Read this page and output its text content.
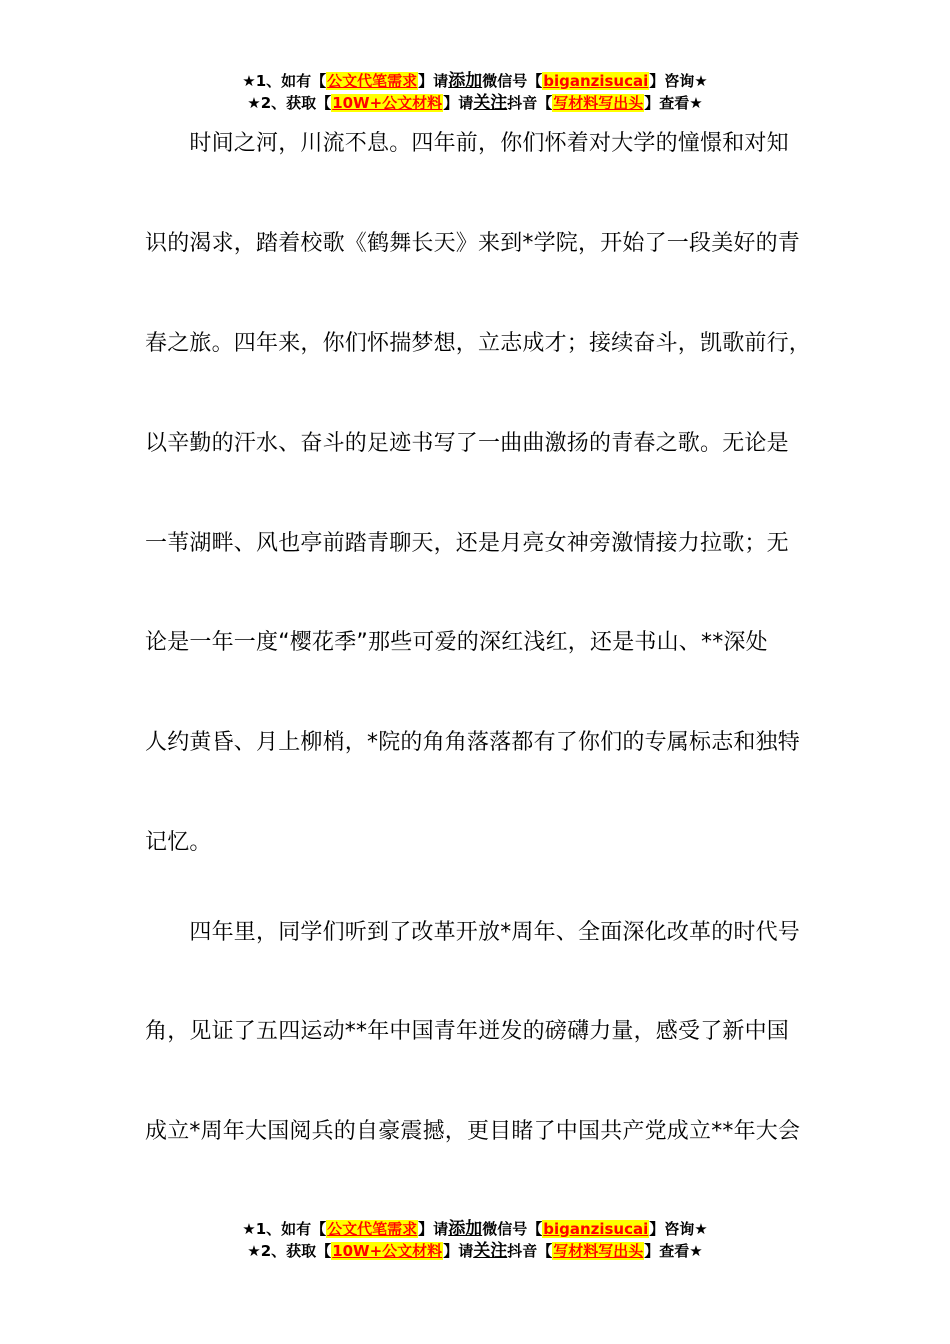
★1、如有【公文代笔需求】请添加微信号【biganzisucai】咨询★
★2、获取【10W+公文材料】请关注抖音【写材料写出头】查看★
　　时间之河，川流不息。四年前，你们怀着对大学的憧憬和对知
识的渴求，踏着校歌《鹤舞长天》来到*学院，开始了一段美好的青
春之旅。四年来，你们怀揣梦想，立志成才；接续奋斗，凯歌前行，
以辛勤的汗水、奋斗的足迹书写了一曲曲激扬的青春之歌。无论是
一苇湖畔、风也亭前踏青聊天，还是月亮女神旁激情接力拉歌；无
论是一年一度“樱花季”那些可爱的深红浅红，还是书山、**深处
人约黄昏、月上柳梢，*院的角角落落都有了你们的专属标志和独特
记忆。
　　四年里，同学们听到了改革开放*周年、全面深化改革的时代号
角，见证了五四运动**年中国青年迸发的磅礴力量，感受了新中国
成立*周年大国阅兵的自豪震撼，更目睹了中国共产党成立**年大会
★1、如有【公文代笔需求】请添加微信号【biganzisucai】咨询★
★2、获取【10W+公文材料】请关注抖音【写材料写出头】查看★
